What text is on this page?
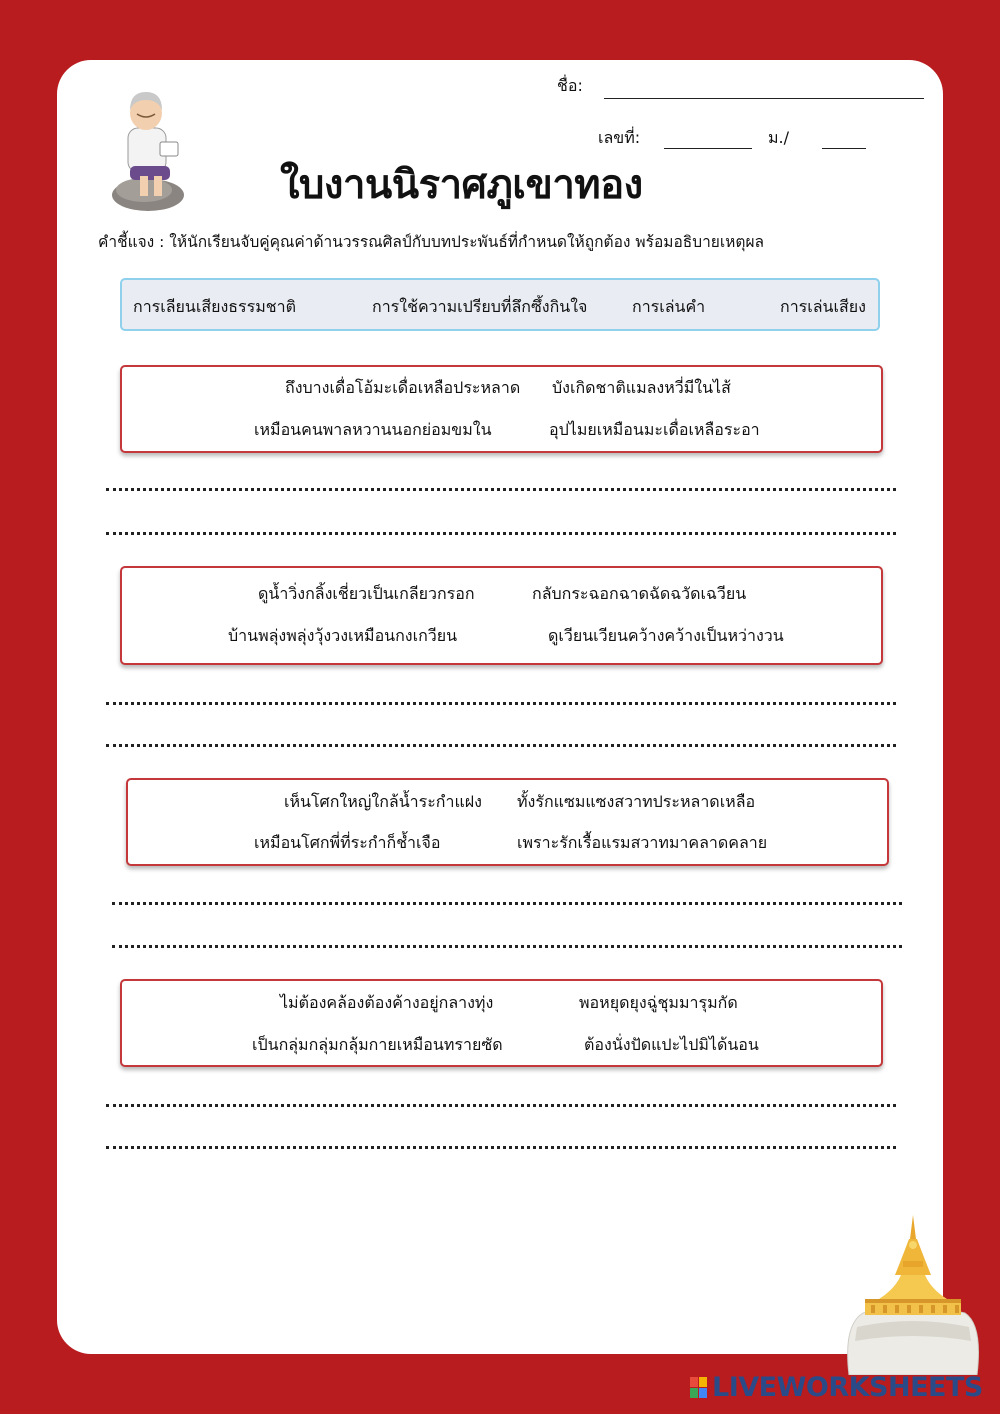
ชื่อ:
เลขที่:	ม./
ใบงานนิราศภูเขาทอง
คำชี้แจง : ให้นักเรียนจับคู่คุณค่าด้านวรรณศิลป์กับบทประพันธ์ที่กำหนดให้ถูกต้อง พร้อมอธิบายเหตุผล
การเลียนเสียงธรรมชาติ	การใช้ความเปรียบที่ลึกซึ้งกินใจ	การเล่นคำ	การเล่นเสียง
ถึงบางเดื่อโอ้มะเดื่อเหลือประหลาด บังเกิดชาติแมลงหวี่มีในไส้
เหมือนคนพาลหวานนอกย่อมขมใน	อุปไมยเหมือนมะเดื่อเหลือระอา
ดูน้ำวิ่งกลิ้งเชี่ยวเป็นเกลียวกรอก	กลับกระฉอกฉาดฉัดฉวัดเฉวียน
บ้านพลุ่งพลุ่งวุ้งวงเหมือนกงเกวียน	ดูเวียนเวียนคว้างคว้างเป็นหว่างวน
เห็นโศกใหญ่ใกล้น้ำระกำแฝง ทั้งรักแซมแซงสวาทประหลาดเหลือ
เหมือนโศกพี่ที่ระกำก็ช้ำเจือ	เพราะรักเรื้อแรมสวาทมาคลาดคลาย
ไม่ต้องคล้องต้องค้างอยู่กลางทุ่ง	พอหยุดยุงฉู่ชุมมารุมกัด
เป็นกลุ่มกลุ่มกลุ้มกายเหมือนทรายซัด	ต้องนั่งปัดแปะไปมิได้นอน
LIVEWORKSHEETS
